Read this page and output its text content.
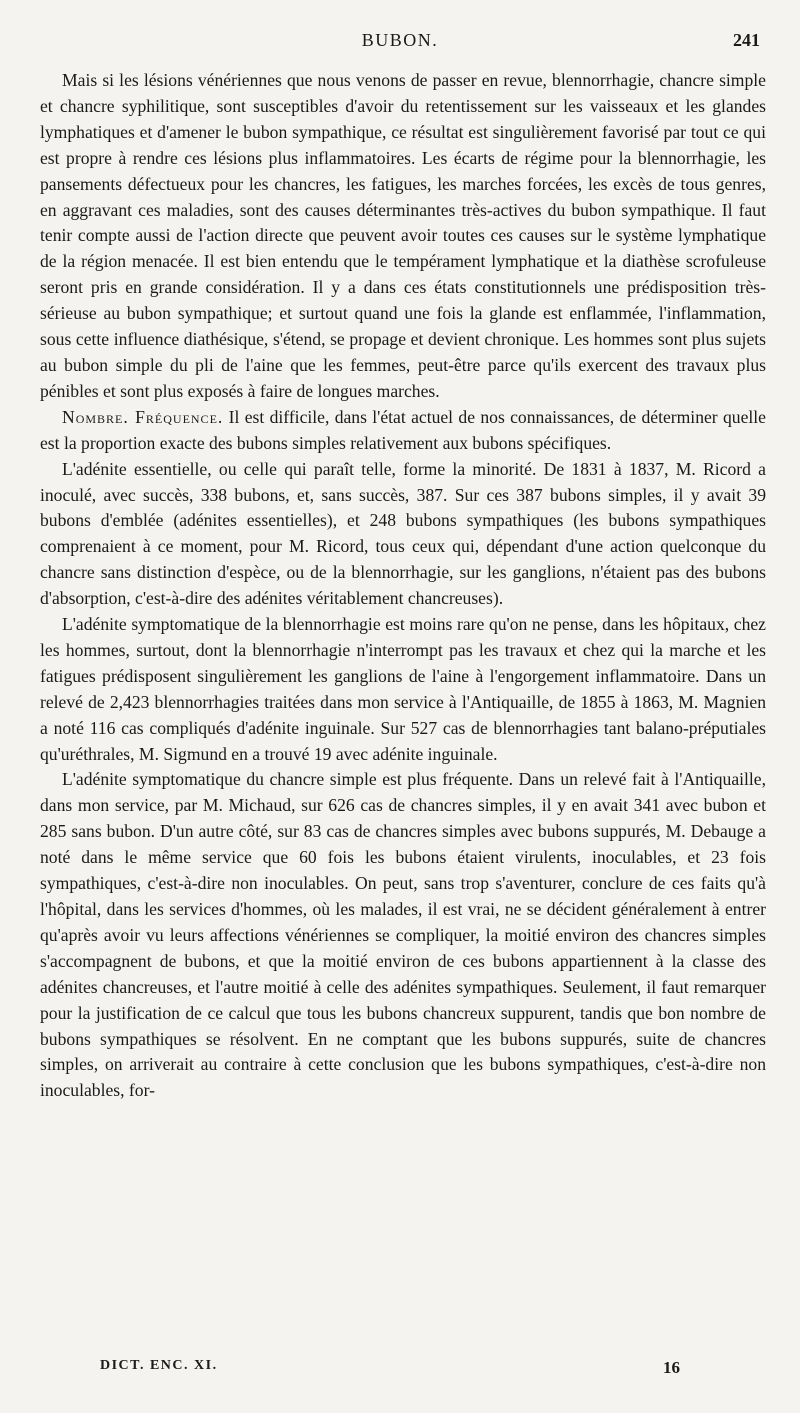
BUBON.	241

Mais si les lésions vénériennes que nous venons de passer en revue, blennorrhagie, chancre simple et chancre syphilitique, sont susceptibles d'avoir du retentissement sur les vaisseaux et les glandes lymphatiques et d'amener le bubon sympathique, ce résultat est singulièrement favorisé par tout ce qui est propre à rendre ces lésions plus inflammatoires. Les écarts de régime pour la blennorrhagie, les pansements défectueux pour les chancres, les fatigues, les marches forcées, les excès de tous genres, en aggravant ces maladies, sont des causes déterminantes très-actives du bubon sympathique. Il faut tenir compte aussi de l'action directe que peuvent avoir toutes ces causes sur le système lymphatique de la région menacée. Il est bien entendu que le tempérament lymphatique et la diathèse scrofuleuse seront pris en grande considération. Il y a dans ces états constitutionnels une prédisposition très-sérieuse au bubon sympathique; et surtout quand une fois la glande est enflammée, l'inflammation, sous cette influence diathésique, s'étend, se propage et devient chronique. Les hommes sont plus sujets au bubon simple du pli de l'aine que les femmes, peut-être parce qu'ils exercent des travaux plus pénibles et sont plus exposés à faire de longues marches.

Nombre. Fréquence. Il est difficile, dans l'état actuel de nos connaissances, de déterminer quelle est la proportion exacte des bubons simples relativement aux bubons spécifiques.

L'adénite essentielle, ou celle qui paraît telle, forme la minorité. De 1831 à 1837, M. Ricord a inoculé, avec succès, 338 bubons, et, sans succès, 387. Sur ces 387 bubons simples, il y avait 39 bubons d'emblée (adénites essentielles), et 248 bubons sympathiques (les bubons sympathiques comprenaient à ce moment, pour M. Ricord, tous ceux qui, dépendant d'une action quelconque du chancre sans distinction d'espèce, ou de la blennorrhagie, sur les ganglions, n'étaient pas des bubons d'absorption, c'est-à-dire des adénites véritablement chancreuses).

L'adénite symptomatique de la blennorrhagie est moins rare qu'on ne pense, dans les hôpitaux, chez les hommes, surtout, dont la blennorrhagie n'interrompt pas les travaux et chez qui la marche et les fatigues prédisposent singulièrement les ganglions de l'aine à l'engorgement inflammatoire. Dans un relevé de 2,423 blennorrhagies traitées dans mon service à l'Antiquaille, de 1855 à 1863, M. Magnien a noté 116 cas compliqués d'adénite inguinale. Sur 527 cas de blennorrhagies tant balano-préputiales qu'uréthrales, M. Sigmund en a trouvé 19 avec adénite inguinale.

L'adénite symptomatique du chancre simple est plus fréquente. Dans un relevé fait à l'Antiquaille, dans mon service, par M. Michaud, sur 626 cas de chancres simples, il y en avait 341 avec bubon et 285 sans bubon. D'un autre côté, sur 83 cas de chancres simples avec bubons suppurés, M. Debauge a noté dans le même service que 60 fois les bubons étaient virulents, inoculables, et 23 fois sympathiques, c'est-à-dire non inoculables. On peut, sans trop s'aventurer, conclure de ces faits qu'à l'hôpital, dans les services d'hommes, où les malades, il est vrai, ne se décident généralement à entrer qu'après avoir vu leurs affections vénériennes se compliquer, la moitié environ des chancres simples s'accompagnent de bubons, et que la moitié environ de ces bubons appartiennent à la classe des adénites chancreuses, et l'autre moitié à celle des adénites sympathiques. Seulement, il faut remarquer pour la justification de ce calcul que tous les bubons chancreux suppurent, tandis que bon nombre de bubons sympathiques se résolvent. En ne comptant que les bubons suppurés, suite de chancres simples, on arriverait au contraire à cette conclusion que les bubons sympathiques, c'est-à-dire non inoculables, for-

DICT. ENC. XI.	16
